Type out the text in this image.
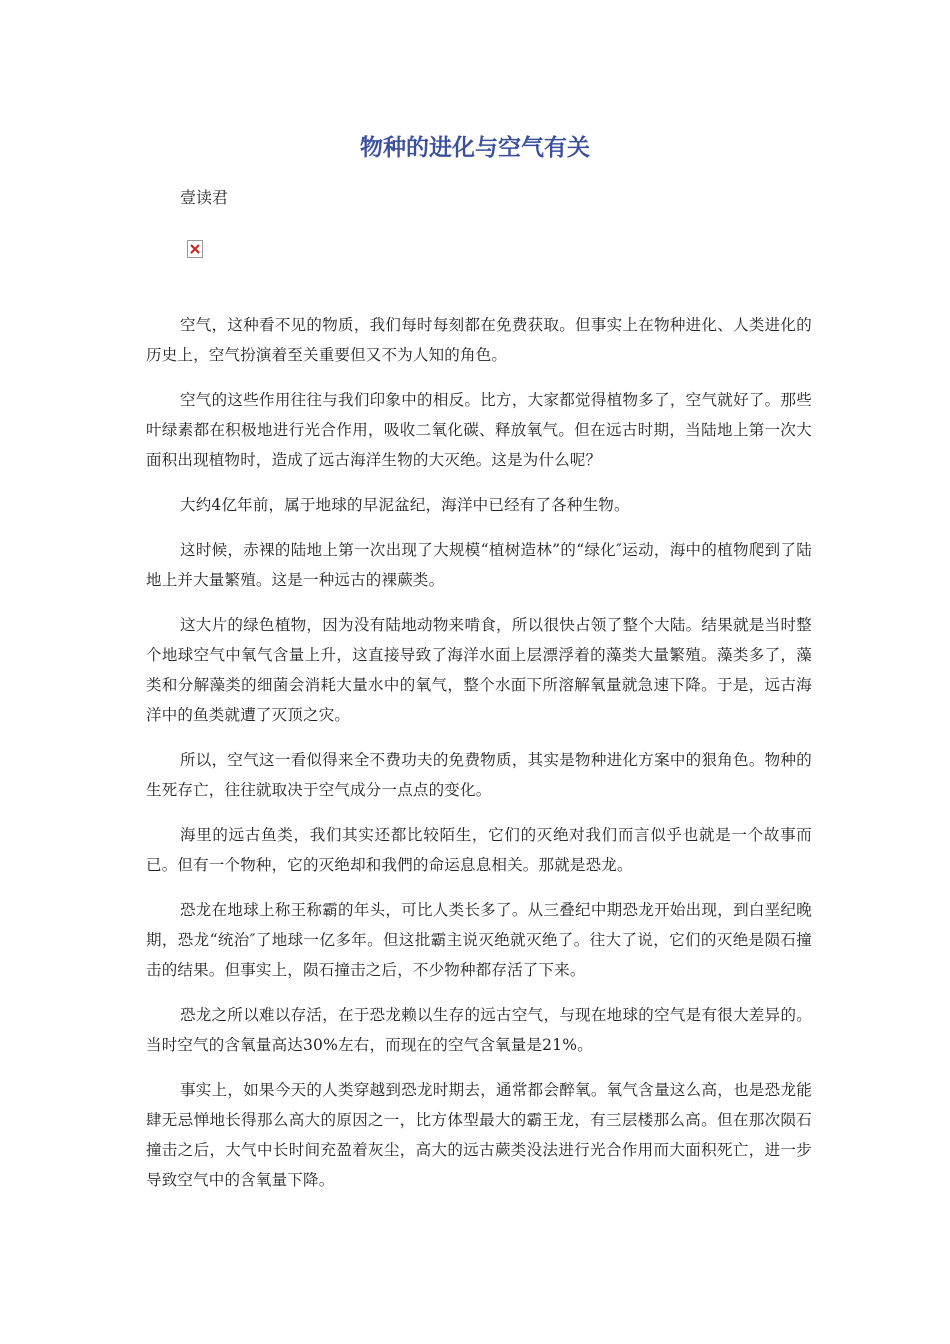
物种的进化与空气有关
壹读君

空气，这种看不见的物质，我们每时每刻都在免费获取。但事实上在物种进化、人类进化的历史上，空气扮演着至关重要但又不为人知的角色。

空气的这些作用往往与我们印象中的相反。比方，大家都觉得植物多了，空气就好了。那些叶绿素都在积极地进行光合作用，吸收二氧化碳、释放氧气。但在远古时期，当陆地上第一次大面积出现植物时，造成了远古海洋生物的大灭绝。这是为什么呢？

大约4亿年前，属于地球的早泥盆纪，海洋中已经有了各种生物。

这时候，赤裸的陆地上第一次出现了大规模“植树造林”的“绿化″运动，海中的植物爬到了陆地上并大量繁殖。这是一种远古的裸蕨类。

这大片的绿色植物，因为没有陆地动物来啃食，所以很快占领了整个大陆。结果就是当时整个地球空气中氧气含量上升，这直接导致了海洋水面上层漂浮着的藻类大量繁殖。藻类多了，藻类和分解藻类的细菌会消耗大量水中的氧气，整个水面下所溶解氧量就急速下降。于是，远古海洋中的鱼类就遭了灭顶之灾。

所以，空气这一看似得来全不费功夫的免费物质，其实是物种进化方案中的狠角色。物种的生死存亡，往往就取决于空气成分一点点的变化。

海里的远古鱼类，我们其实还都比较陌生，它们的灭绝对我们而言似乎也就是一个故事而已。但有一个物种，它的灭绝却和我們的命运息息相关。那就是恐龙。

恐龙在地球上称王称霸的年头，可比人类长多了。从三叠纪中期恐龙开始出现，到白垩纪晚期，恐龙“统治″了地球一亿多年。但这批霸主说灭绝就灭绝了。往大了说，它们的灭绝是陨石撞击的结果。但事实上，陨石撞击之后，不少物种都存活了下来。

恐龙之所以难以存活，在于恐龙赖以生存的远古空气，与现在地球的空气是有很大差异的。当时空气的含氧量高达30%左右，而现在的空气含氧量是21%。

事实上，如果今天的人类穿越到恐龙时期去，通常都会醉氧。氧气含量这么高，也是恐龙能肆无忌惮地长得那么高大的原因之一，比方体型最大的霸王龙，有三层楼那么高。但在那次陨石撞击之后，大气中长时间充盈着灰尘，高大的远古蕨类没法进行光合作用而大面积死亡，进一步导致空气中的含氧量下降。
